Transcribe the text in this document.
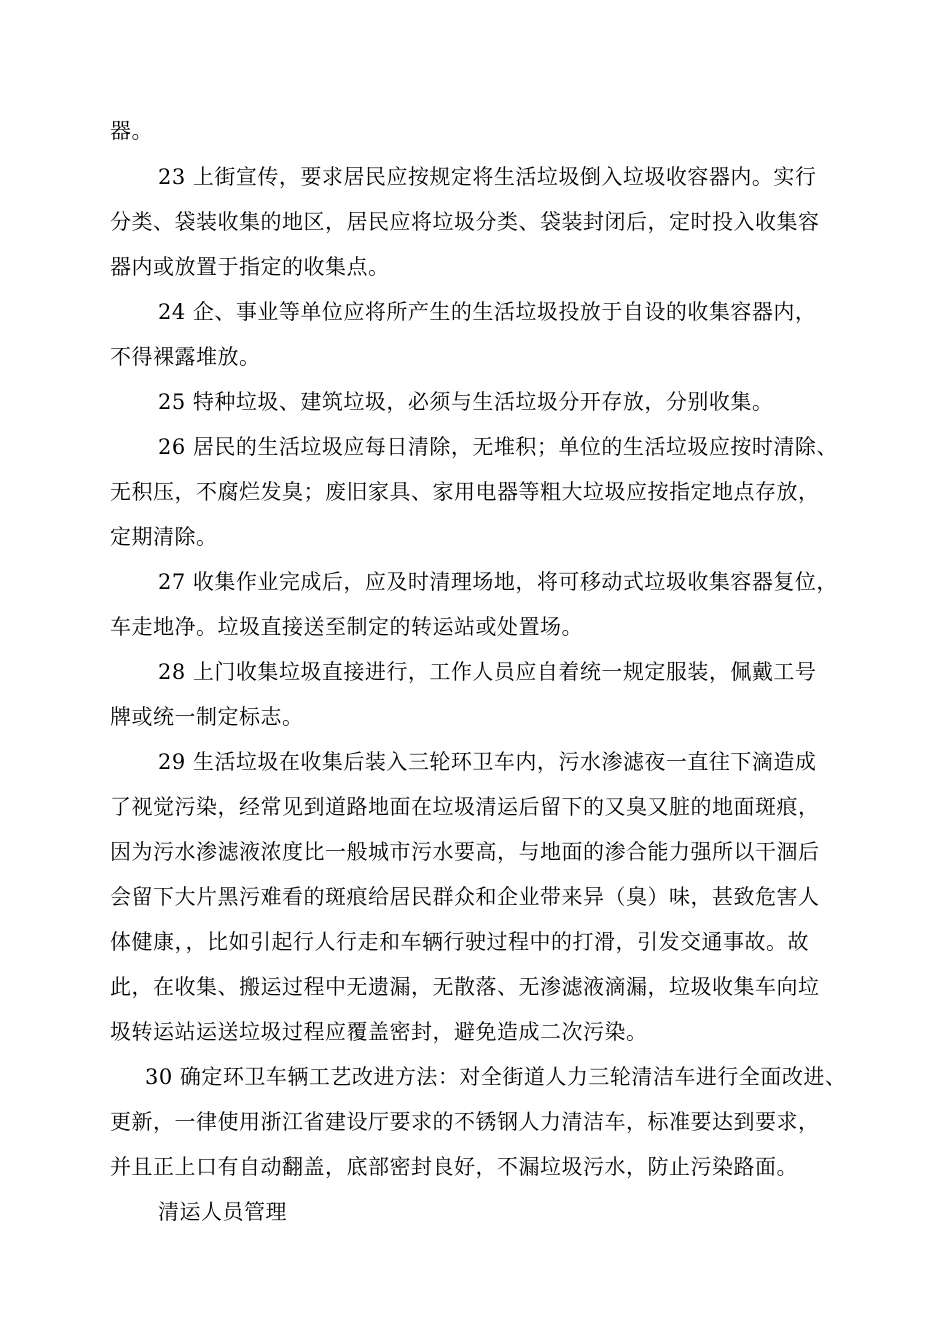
器。

23 上街宣传，要求居民应按规定将生活垃圾倒入垃圾收容器内。实行

分类、袋装收集的地区，居民应将垃圾分类、袋装封闭后，定时投入收集容

器内或放置于指定的收集点。

24 企、事业等单位应将所产生的生活垃圾投放于自设的收集容器内，

不得裸露堆放。

25 特种垃圾、建筑垃圾，必须与生活垃圾分开存放，分别收集。

26 居民的生活垃圾应每日清除，无堆积；单位的生活垃圾应按时清除、

无积压，不腐烂发臭；废旧家具、家用电器等粗大垃圾应按指定地点存放，

定期清除。

27 收集作业完成后，应及时清理场地，将可移动式垃圾收集容器复位，

车走地净。垃圾直接送至制定的转运站或处置场。

28 上门收集垃圾直接进行，工作人员应自着统一规定服装，佩戴工号

牌或统一制定标志。

29 生活垃圾在收集后装入三轮环卫车内，污水渗滤夜一直往下滴造成

了视觉污染，经常见到道路地面在垃圾清运后留下的又臭又脏的地面斑痕，

因为污水渗滤液浓度比一般城市污水要高，与地面的渗合能力强所以干涸后

会留下大片黑污难看的斑痕给居民群众和企业带来异（臭）味，甚致危害人

体健康，，比如引起行人行走和车辆行驶过程中的打滑，引发交通事故。故

此，在收集、搬运过程中无遗漏，无散落、无渗滤液滴漏，垃圾收集车向垃

圾转运站运送垃圾过程应覆盖密封，避免造成二次污染。

30 确定环卫车辆工艺改进方法：对全街道人力三轮清洁车进行全面改进、

更新，一律使用浙江省建设厅要求的不锈钢人力清洁车，标准要达到要求，

并且正上口有自动翻盖，底部密封良好，不漏垃圾污水，防止污染路面。

清运人员管理
